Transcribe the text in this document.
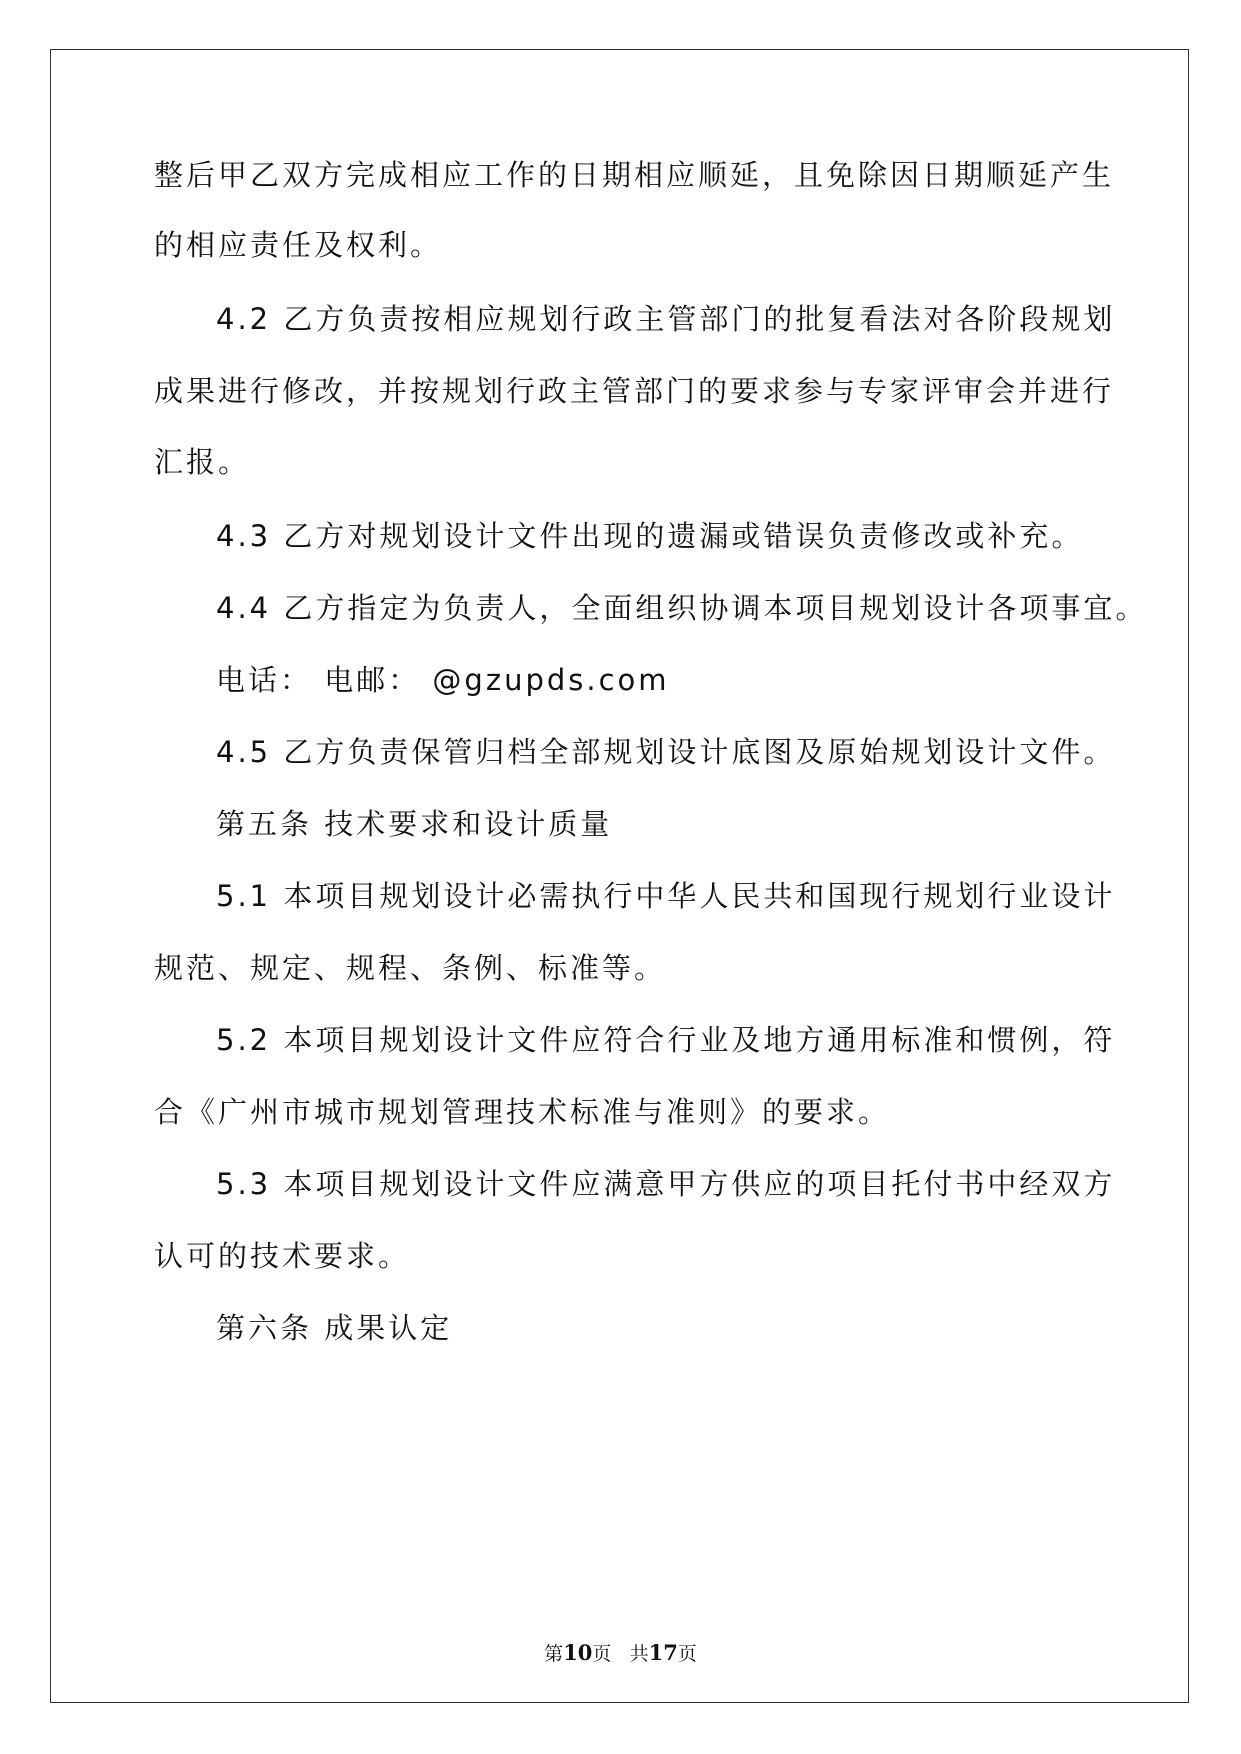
整后甲乙双方完成相应工作的日期相应顺延，且免除因日期顺延产生
的相应责任及权利。
4.2 乙方负责按相应规划行政主管部门的批复看法对各阶段规划
成果进行修改，并按规划行政主管部门的要求参与专家评审会并进行
汇报。
4.3 乙方对规划设计文件出现的遗漏或错误负责修改或补充。
4.4 乙方指定为负责人，全面组织协调本项目规划设计各项事宜。
电话： 电邮： @gzupds.com
4.5 乙方负责保管归档全部规划设计底图及原始规划设计文件。
第五条 技术要求和设计质量
5.1 本项目规划设计必需执行中华人民共和国现行规划行业设计
规范、规定、规程、条例、标准等。
5.2 本项目规划设计文件应符合行业及地方通用标准和惯例，符
合《广州市城市规划管理技术标准与准则》的要求。
5.3 本项目规划设计文件应满意甲方供应的项目托付书中经双方
认可的技术要求。
第六条 成果认定
第10页 共17页
